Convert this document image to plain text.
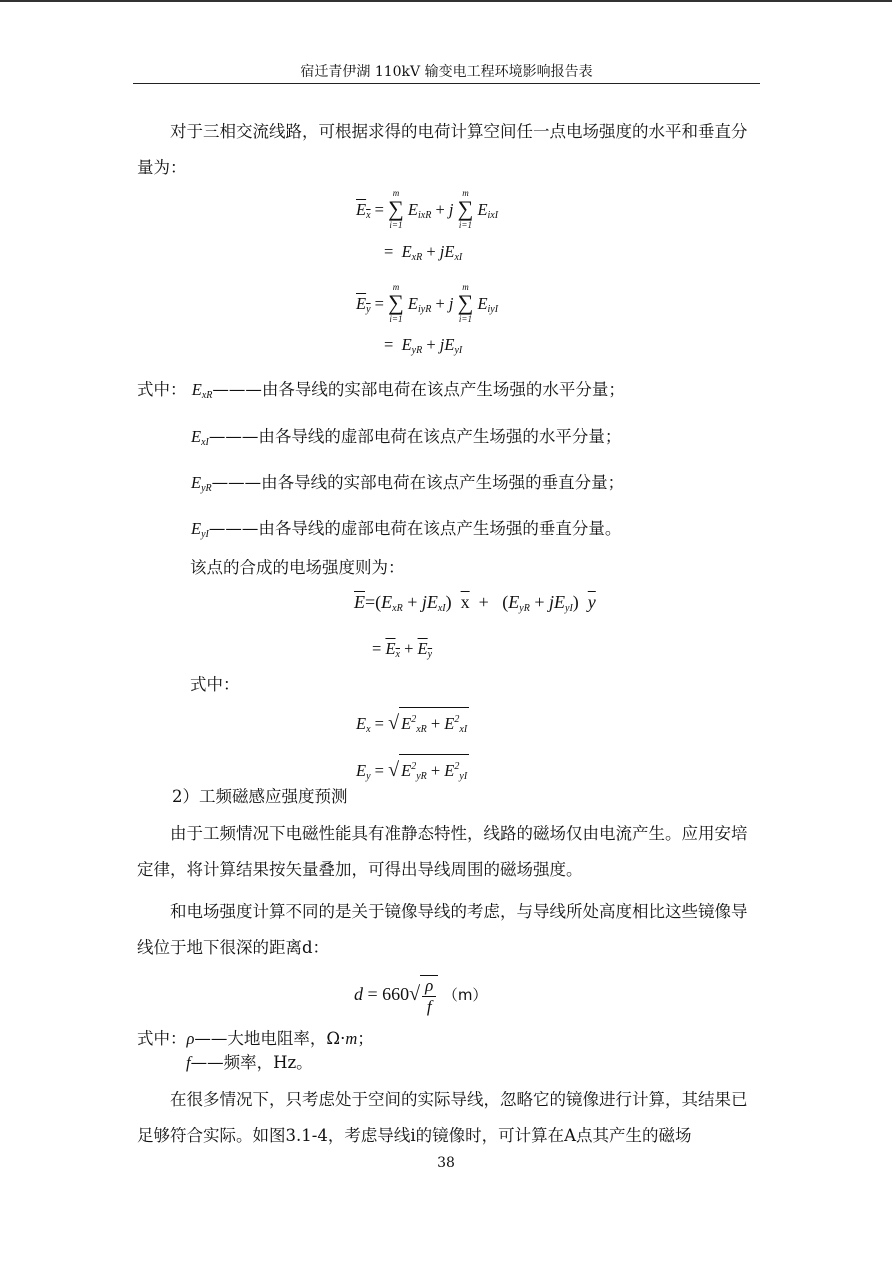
宿迁青伊湖 110kV 输变电工程环境影响报告表
对于三相交流线路，可根据求得的电荷计算空间任一点电场强度的水平和垂直分量为：
$E_x$ =
m
∑
i=1
$E_{ixR} + j$
m
∑
i=1
$E_{ixI}$
= $E_{xR} + jE_{xI}$
$E_y$ =
m
∑
i=1
$E_{iyR} + j$
m
∑
i=1
$E_{iyI}$
= $E_{yR} + jE_{yI}$
式中： $E_{xR}———$由各导线的实部电荷在该点产生场强的水平分量；
$E_{xI}———$由各导线的虚部电荷在该点产生场强的水平分量；
$E_{yR}———$由各导线的实部电荷在该点产生场强的垂直分量；
$E_{yI}———$由各导线的虚部电荷在该点产生场强的垂直分量。
该点的合成的电场强度则为：
$\overline{E}=(E_{xR} + jE_{xI}) \overline{x} + (E_{yR} + jE_{yI})$ $\overline{y}$
= $E_x + E_y$
式中：
$E_x$ = √ $E^2_{xR} + E^2_{xI}$
$E_y$ = √ $E^2_{yR} + E^2_{yI}$
2）工频磁感应强度预测
由于工频情况下电磁性能具有准静态特性，线路的磁场仅由电流产生。应用安培定律，将计算结果按矢量叠加，可得出导线周围的磁场强度。
和电场强度计算不同的是关于镜像导线的考虑，与导线所处高度相比这些镜像导线位于地下很深的距离d：
$d = 660√ \frac{\rho}{f} (m)$
式中：ρ——大地电阻率，Ω·m；
f——频率，Hz。
在很多情况下，只考虑处于空间的实际导线，忽略它的镜像进行计算，其结果已足够符合实际。如图3.1-4，考虑导线i的镜像时，可计算在A点其产生的磁场
38
